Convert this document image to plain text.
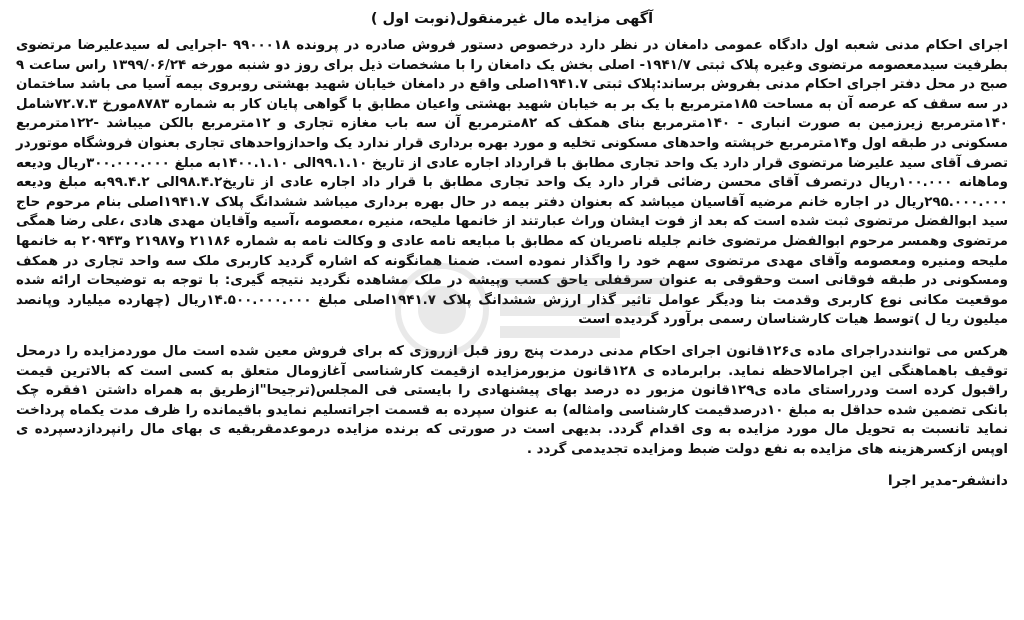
آگهی مزایده مال غیرمنقول(نوبت اول )

اجرای احکام مدنی شعبه اول دادگاه عمومی دامغان در نظر دارد درخصوص دستور فروش صادره در پرونده ۹۹۰۰۰۱۸ -اجرایی له سیدعلیرضا مرتضوی بطرفیت سیدمعصومه مرتضوی وغیره پلاک ثبتی ۱۹۴۱/۷- اصلی بخش یک دامغان را با مشخصات ذیل برای روز دو شنبه مورخه ۱۳۹۹/۰۶/۲۴ راس ساعت ۹ صبح در محل دفتر اجرای احکام مدنی بفروش برساند:پلاک ثبتی ۱۹۴۱.۷اصلی واقع در دامغان خیابان شهید بهشتی روبروی بیمه آسیا می باشد ساختمان در سه سقف که عرصه آن به مساحت ۱۸۵مترمربع با یک بر به خیابان شهید بهشتی واعیان مطابق با گواهی پایان کار به شماره ۸۷۸۳مورخ ۷۲.۷.۳شامل ۱۴۰مترمربع زیرزمین به صورت انباری - ۱۴۰مترمربع بنای همکف که ۸۲مترمربع آن سه باب مغازه تجاری و ۱۲مترمربع بالکن میباشد -۱۲۲مترمربع مسکونی در طبقه اول و۱۴مترمربع خرپشته واحدهای مسکونی تخلیه و مورد بهره برداری قرار ندارد یک واحدازواحدهای تجاری بعنوان فروشگاه موتوردر تصرف آقای سید علیرضا مرتضوی قرار دارد یک واحد تجاری مطابق با قرارداد اجاره عادی از تاریخ ۹۹.۱.۱۰الی ۱۴۰۰.۱.۱۰به مبلغ ۳۰۰.۰۰۰.۰۰۰ریال ودیعه وماهانه ۱۰۰.۰۰۰ریال درتصرف آقای محسن رضائی قرار دارد یک واحد تجاری مطابق با قرار داد اجاره عادی از تاریخ۹۸.۴.۲الی ۹۹.۴.۲به مبلغ ودیعه ۲۹۵.۰۰۰.۰۰۰ریال در اجاره خانم مرضیه آقاسیان میباشد که بعنوان دفتر بیمه در حال بهره برداری میباشد ششدانگ پلاک ۱۹۴۱.۷اصلی بنام مرحوم حاج سید ابوالفضل مرتضوی ثبت شده است که بعد از فوت ایشان وراث عبارتند از خانمها ملیحه، منیره ،معصومه ،آسیه وآقایان مهدی هادی ،علی رضا همگی مرتضوی وهمسر مرحوم ابوالفضل مرتضوی خانم جلیله ناصریان که مطابق با مبایعه نامه عادی و وکالت نامه به شماره ۲۱۱۸۶ و۲۱۹۸۷ و۲۰۹۴۳ به خانمها ملیحه ومنیره ومعصومه وآقای مهدی مرتضوی سهم خود را واگذار نموده است. ضمنا همانگونه که اشاره گردید کاربری ملک سه واحد تجاری در همکف ومسکونی در طبقه فوقانی است وحقوقی به عنوان سرقفلی یاحق کسب وپیشه در ملک مشاهده نگردید نتیجه گیری: با توجه به توضیحات ارائه شده موقعیت مکانی نوع کاربری وقدمت بنا ودیگر عوامل تاثیر گذار ارزش ششدانگ پلاک ۱۹۴۱.۷اصلی مبلغ ۱۴.۵۰۰.۰۰۰.۰۰۰ریال (چهارده میلیارد وپانصد میلیون ریا ل )توسط هیات کارشناسان رسمی برآورد گردیده است

هرکس می تواننددراجرای ماده ی۱۲۶قانون اجرای احکام مدنی درمدت پنج روز قبل ازروزی که برای فروش معین شده است مال موردمزایده را درمحل توقیف باهماهنگی این اجرامالاحظه نماید. برابرماده ی ۱۲۸قانون مزبورمزایده ازقیمت کارشناسی آغازومال متعلق به کسی است که بالاترین قیمت راقبول کرده است ودرراستای ماده ی۱۲۹قانون مزبور ده درصد بهای پیشنهادی را بایستی فی المجلس(ترجیحا"ازطریق به همراه داشتن ۱فقره چک بانکی تضمین شده حداقل به مبلغ ۱۰درصدقیمت کارشناسی وامثاله) به عنوان سپرده به قسمت اجراتسلیم نمایدو باقیمانده را ظرف مدت یکماه پرداخت نماید تانسبت به تحویل مال مورد مزایده به وی اقدام گردد. بدیهی است در صورتی که برنده مزایده درموعدمقربقیه ی بهای مال رانپردازدسپرده ی اوپس ازکسرهزینه های مزایده به نفع دولت ضبط ومزایده تجدیدمی گردد .

دانشفر-مدیر اجرا
